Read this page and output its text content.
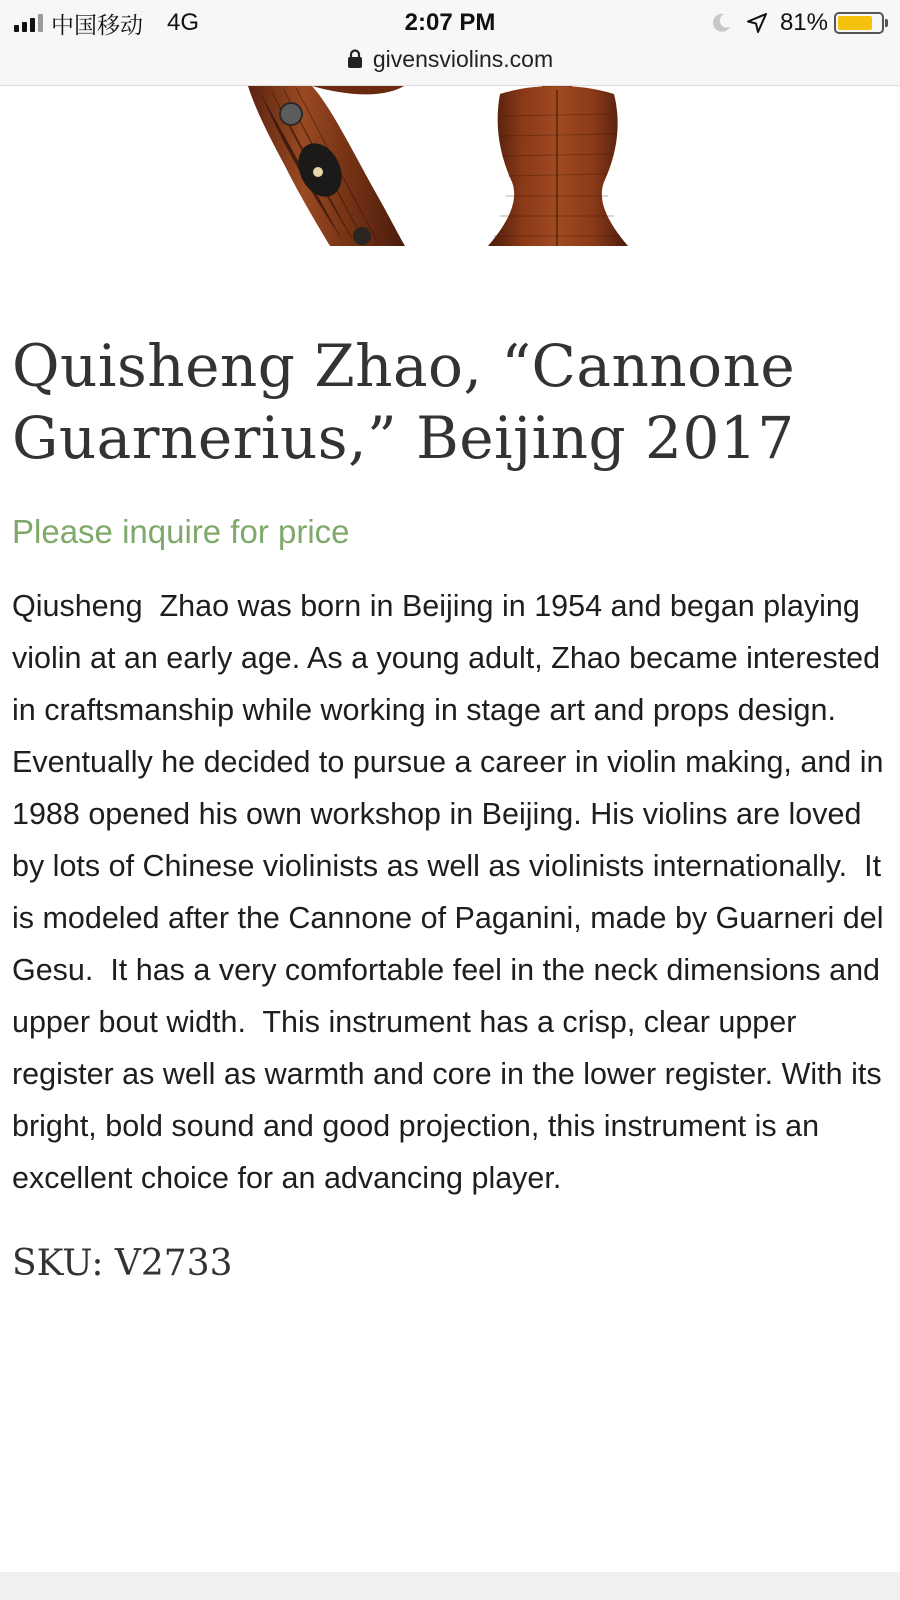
中国移动 4G	2:07 PM	81%
givensviolins.com
Quisheng Zhao, “Cannone Guarnerius,” Beijing 2017

Please inquire for price

Qiusheng  Zhao was born in Beijing in 1954 and began playing violin at an early age. As a young adult, Zhao became interested in craftsmanship while working in stage art and props design. Eventually he decided to pursue a career in violin making, and in 1988 opened his own workshop in Beijing. His violins are loved by lots of Chinese violinists as well as violinists internationally.  It is modeled after the Cannone of Paganini, made by Guarneri del Gesu.  It has a very comfortable feel in the neck dimensions and upper bout width.  This instrument has a crisp, clear upper register as well as warmth and core in the lower register. With its bright, bold sound and good projection, this instrument is an excellent choice for an advancing player.

SKU: V2733
